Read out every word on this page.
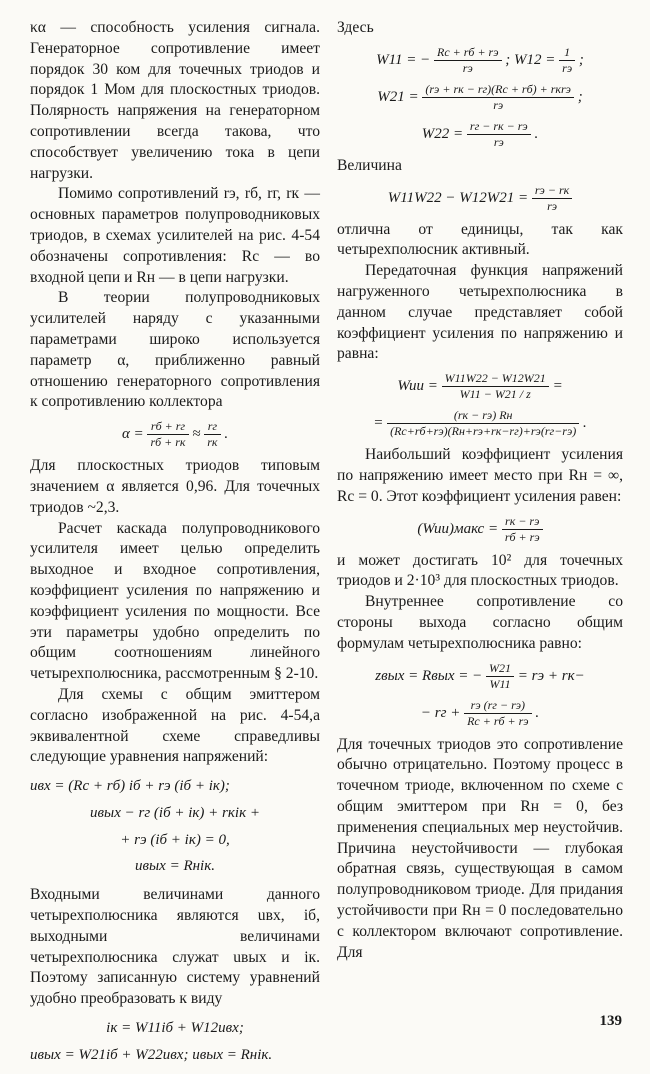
κα — способность усиления сигнала. Генераторное сопротивление имеет порядок 30 ком для точечных триодов и порядок 1 Мом для плоскостных триодов. Полярность напряжения на генераторном сопротивлении всегда такова, что способствует увеличению тока в цепи нагрузки.

Помимо сопротивлений rэ, rб, rг, rк — основных параметров полупроводниковых триодов, в схемах усилителей на рис. 4-54 обозначены сопротивления: Rc — во входной цепи и Rн — в цепи нагрузки.

В теории полупроводниковых усилителей наряду с указанными параметрами широко используется параметр α, приближенно равный отношению генераторного сопротивления к сопротивлению коллектора

$\alpha = \frac{rб + rг}{rб + rк} \approx \frac{rг}{rк}$ .

Для плоскостных триодов типовым значением α является 0,96. Для точечных триодов ~2,3.

Расчет каскада полупроводникового усилителя имеет целью определить выходное и входное сопротивления, коэффициент усиления по напряжению и коэффициент усиления по мощности. Все эти параметры удобно определить по общим соотношениям линейного четырехполюсника, рассмотренным § 2-10.

Для схемы с общим эмиттером согласно изображенной на рис. 4-54,a эквивалентной схеме справедливы следующие уравнения напряжений:

uвх = (Rc + rб) iб + rэ (iб + iк);
uвых − rг (iб + iк) + rкiк +
+ rэ (iб + iк) = 0,
uвых = Rнiк.

Входными величинами данного четырехполюсника являются uвх, iб, выходными величинами четырехполюсника служат uвых и iк. Поэтому записанную систему уравнений удобно преобразовать к виду

iк = W11iб + W12uвх;
uвых = W21iб + W22uвх; uвых = Rнiк.

Здесь

W11 = − $\frac{Rc + rб + rэ}{rэ}$ ; $W12 = \frac{1}{rэ}$ ;
$W21 = \frac{\text{(rэ + rк − rг)(Rc + rб) + rкrэ}}{rэ}$ ;
$W22 = \frac{rг - rк - rэ}{rэ}$ .

Величина

$W11W22 - W12W21 = \frac{rэ - rк}{rэ}$

отлична от единицы, так как четырехполюсник активный.

Передаточная функция напряжений нагруженного четырехполюсника в данном случае представляет собой коэффициент усиления по напряжению и равна:

Wuu = $\frac{W11W22 - W12W21}{W11 - W21 / z}$ =
= $\frac{(rк - rэ) Rн}{(Rc+rб+rэ)(Rн+rэ+rк-rг)+rэ(rг-rэ)}$ .

Наибольший коэффициент усиления по напряжению имеет место при Rн = ∞, Rc = 0. Этот коэффициент усиления равен:

(Wuu)макс = $\frac{rк - rэ}{rб + rэ}$

и может достигать 10² для точечных триодов и 2·10³ для плоскостных триодов.

Внутреннее сопротивление со стороны выхода согласно общим формулам четырехполюсника равно:

zвых = Rвых = − $\frac{W21}{W11}$ = rэ + rк−
− rг + $\frac{rэ (rг - rэ)}{Rc + rб + rэ}$ .

Для точечных триодов это сопротивление обычно отрицательно. Поэтому процесс в точечном триоде, включенном по схеме с общим эмиттером при Rн = 0, без применения специальных мер неустойчив. Причина неустойчивости — глубокая обратная связь, существующая в самом полупроводниковом триоде. Для придания устойчивости при Rн = 0 последовательно с коллектором включают сопротивление. Для

139
